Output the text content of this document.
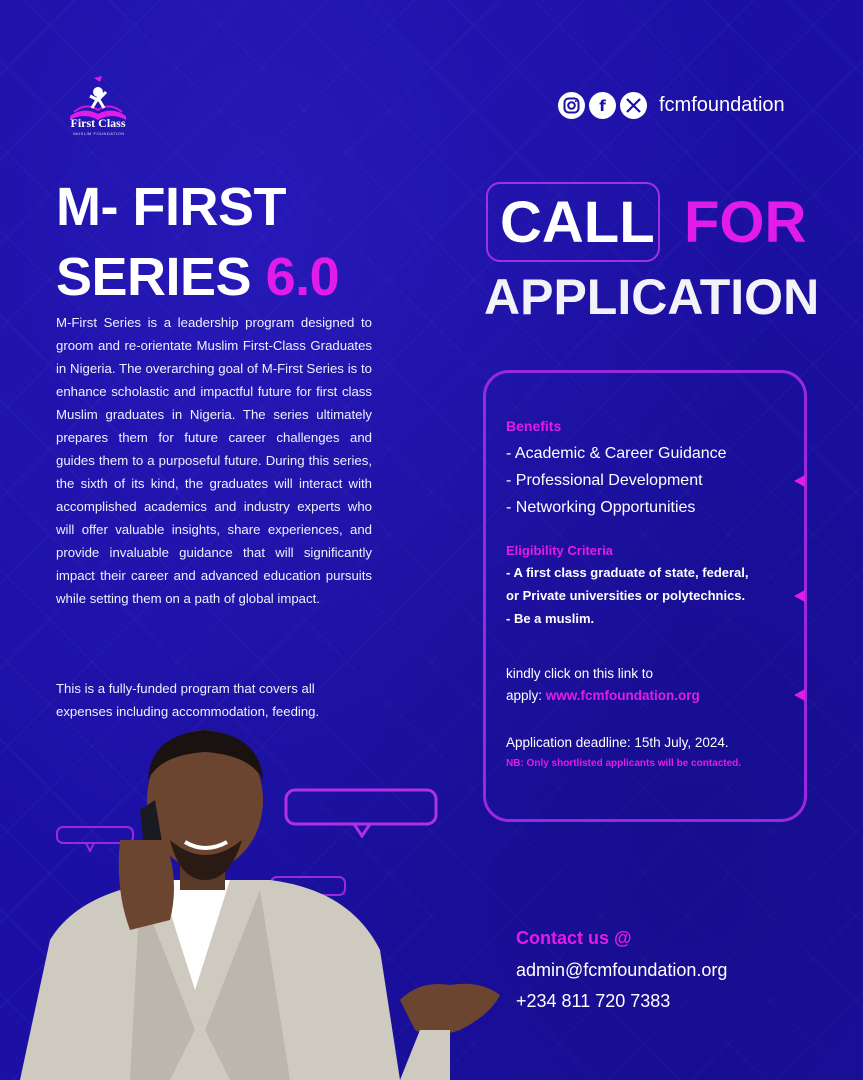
First Class
MUSLIM FOUNDATION
f	fcmfoundation
M- FIRST
SERIES 6.0
M-First Series is a leadership program designed to groom and re-orientate Muslim First-Class Graduates in Nigeria. The overarching goal of M-First Series is to enhance scholastic and impactful future for first class Muslim graduates in Nigeria. The series ultimately prepares them for future career challenges and guides them to a purposeful future. During this series, the sixth of its kind, the graduates will interact with accomplished academics and industry experts who will offer valuable insights, share experiences, and provide invaluable guidance that will significantly impact their career and advanced education pursuits while setting them on a path of global impact.
This is a fully-funded program that covers all expenses including accommodation, feeding.
CALL FOR
APPLICATION
Benefits
- Academic & Career Guidance
- Professional Development
- Networking Opportunities
Eligibility Criteria
- A first class graduate of state, federal,
or Private universities or polytechnics.
- Be a muslim.
kindly click on this link to
apply: www.fcmfoundation.org
Application deadline: 15th July, 2024.
NB: Only shortlisted applicants will be contacted.
Contact us @
admin@fcmfoundation.org
+234 811 720 7383
